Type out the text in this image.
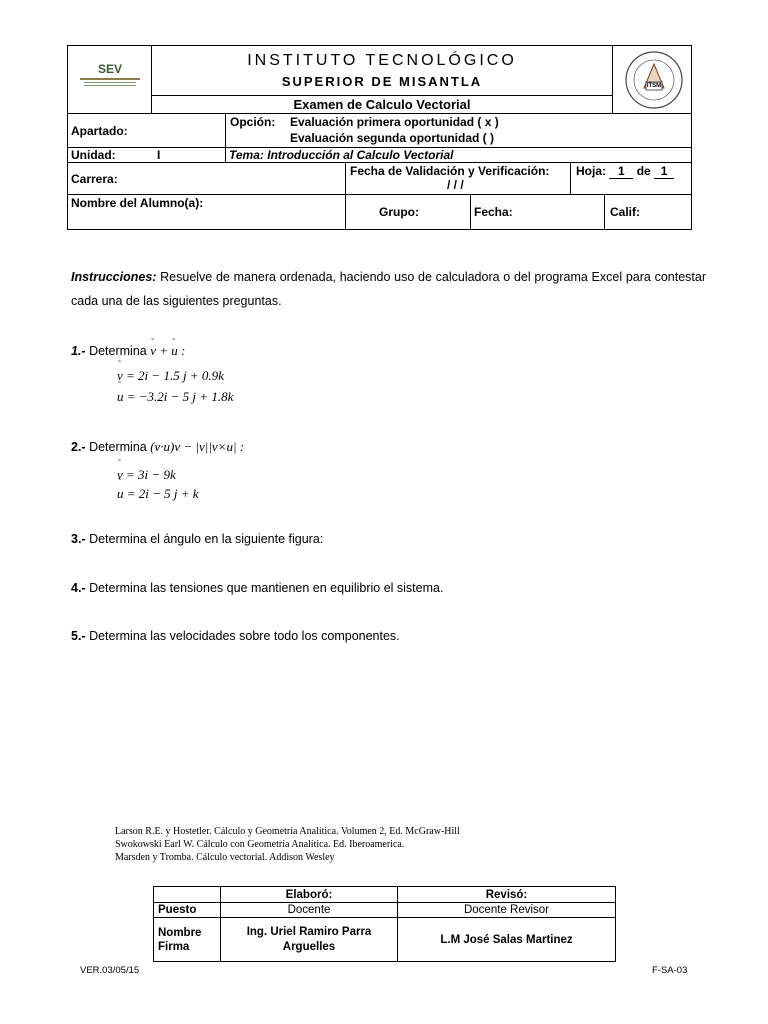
SEV	INSTITUTO TECNOLÓGICO
SUPERIOR DE MISANTLA
Examen de Calculo Vectorial
ITSM
Apartado:
Opción: Evaluación primera oportunidad ( x )
Evaluación segunda oportunidad ( )
Unidad:	I	Tema: Introducción al Calculo Vectorial
Carrera:
Fecha de Validación y Verificación:
/ / /
Hoja: 1 de 1
Nombre del Alumno(a):
Grupo:	Fecha:	Calif:
Instrucciones: Resuelve de manera ordenada, haciendo uso de calculadora o del programa Excel para contestar cada una de las siguientes preguntas.
1.- Determina ˜ v + ˜ u :
˜ v = 2i − 1.5 j + 0.9k
˜ u = −3.2i − 5 j + 1.8k
2.- Determina (v·u)v − |v||v×u| :
˜ v = 3i − 9k
˜ u = 2i − 5 j + k
3.- Determina el ángulo en la siguiente figura:
4.- Determina las tensiones que mantienen en equilibrio el sistema.
5.- Determina las velocidades sobre todo los componentes.
Larson R.E. y Hostetler. Cálculo y Geometría Analítica. Volumen 2, Ed. McGraw-Hill
Swokowski Earl W. Cálculo con Geometría Analítica. Ed. Iberoamerica.
Marsden y Tromba. Cálculo vectorial. Addison Wesley
	Elaboró:	Revisó:
Puesto	Docente	Docente Revisor

Nombre
Firma	Ing. Uriel Ramiro Parra Arguelles	L.M José Salas Martinez
VER.03/05/15	F-SA-03
